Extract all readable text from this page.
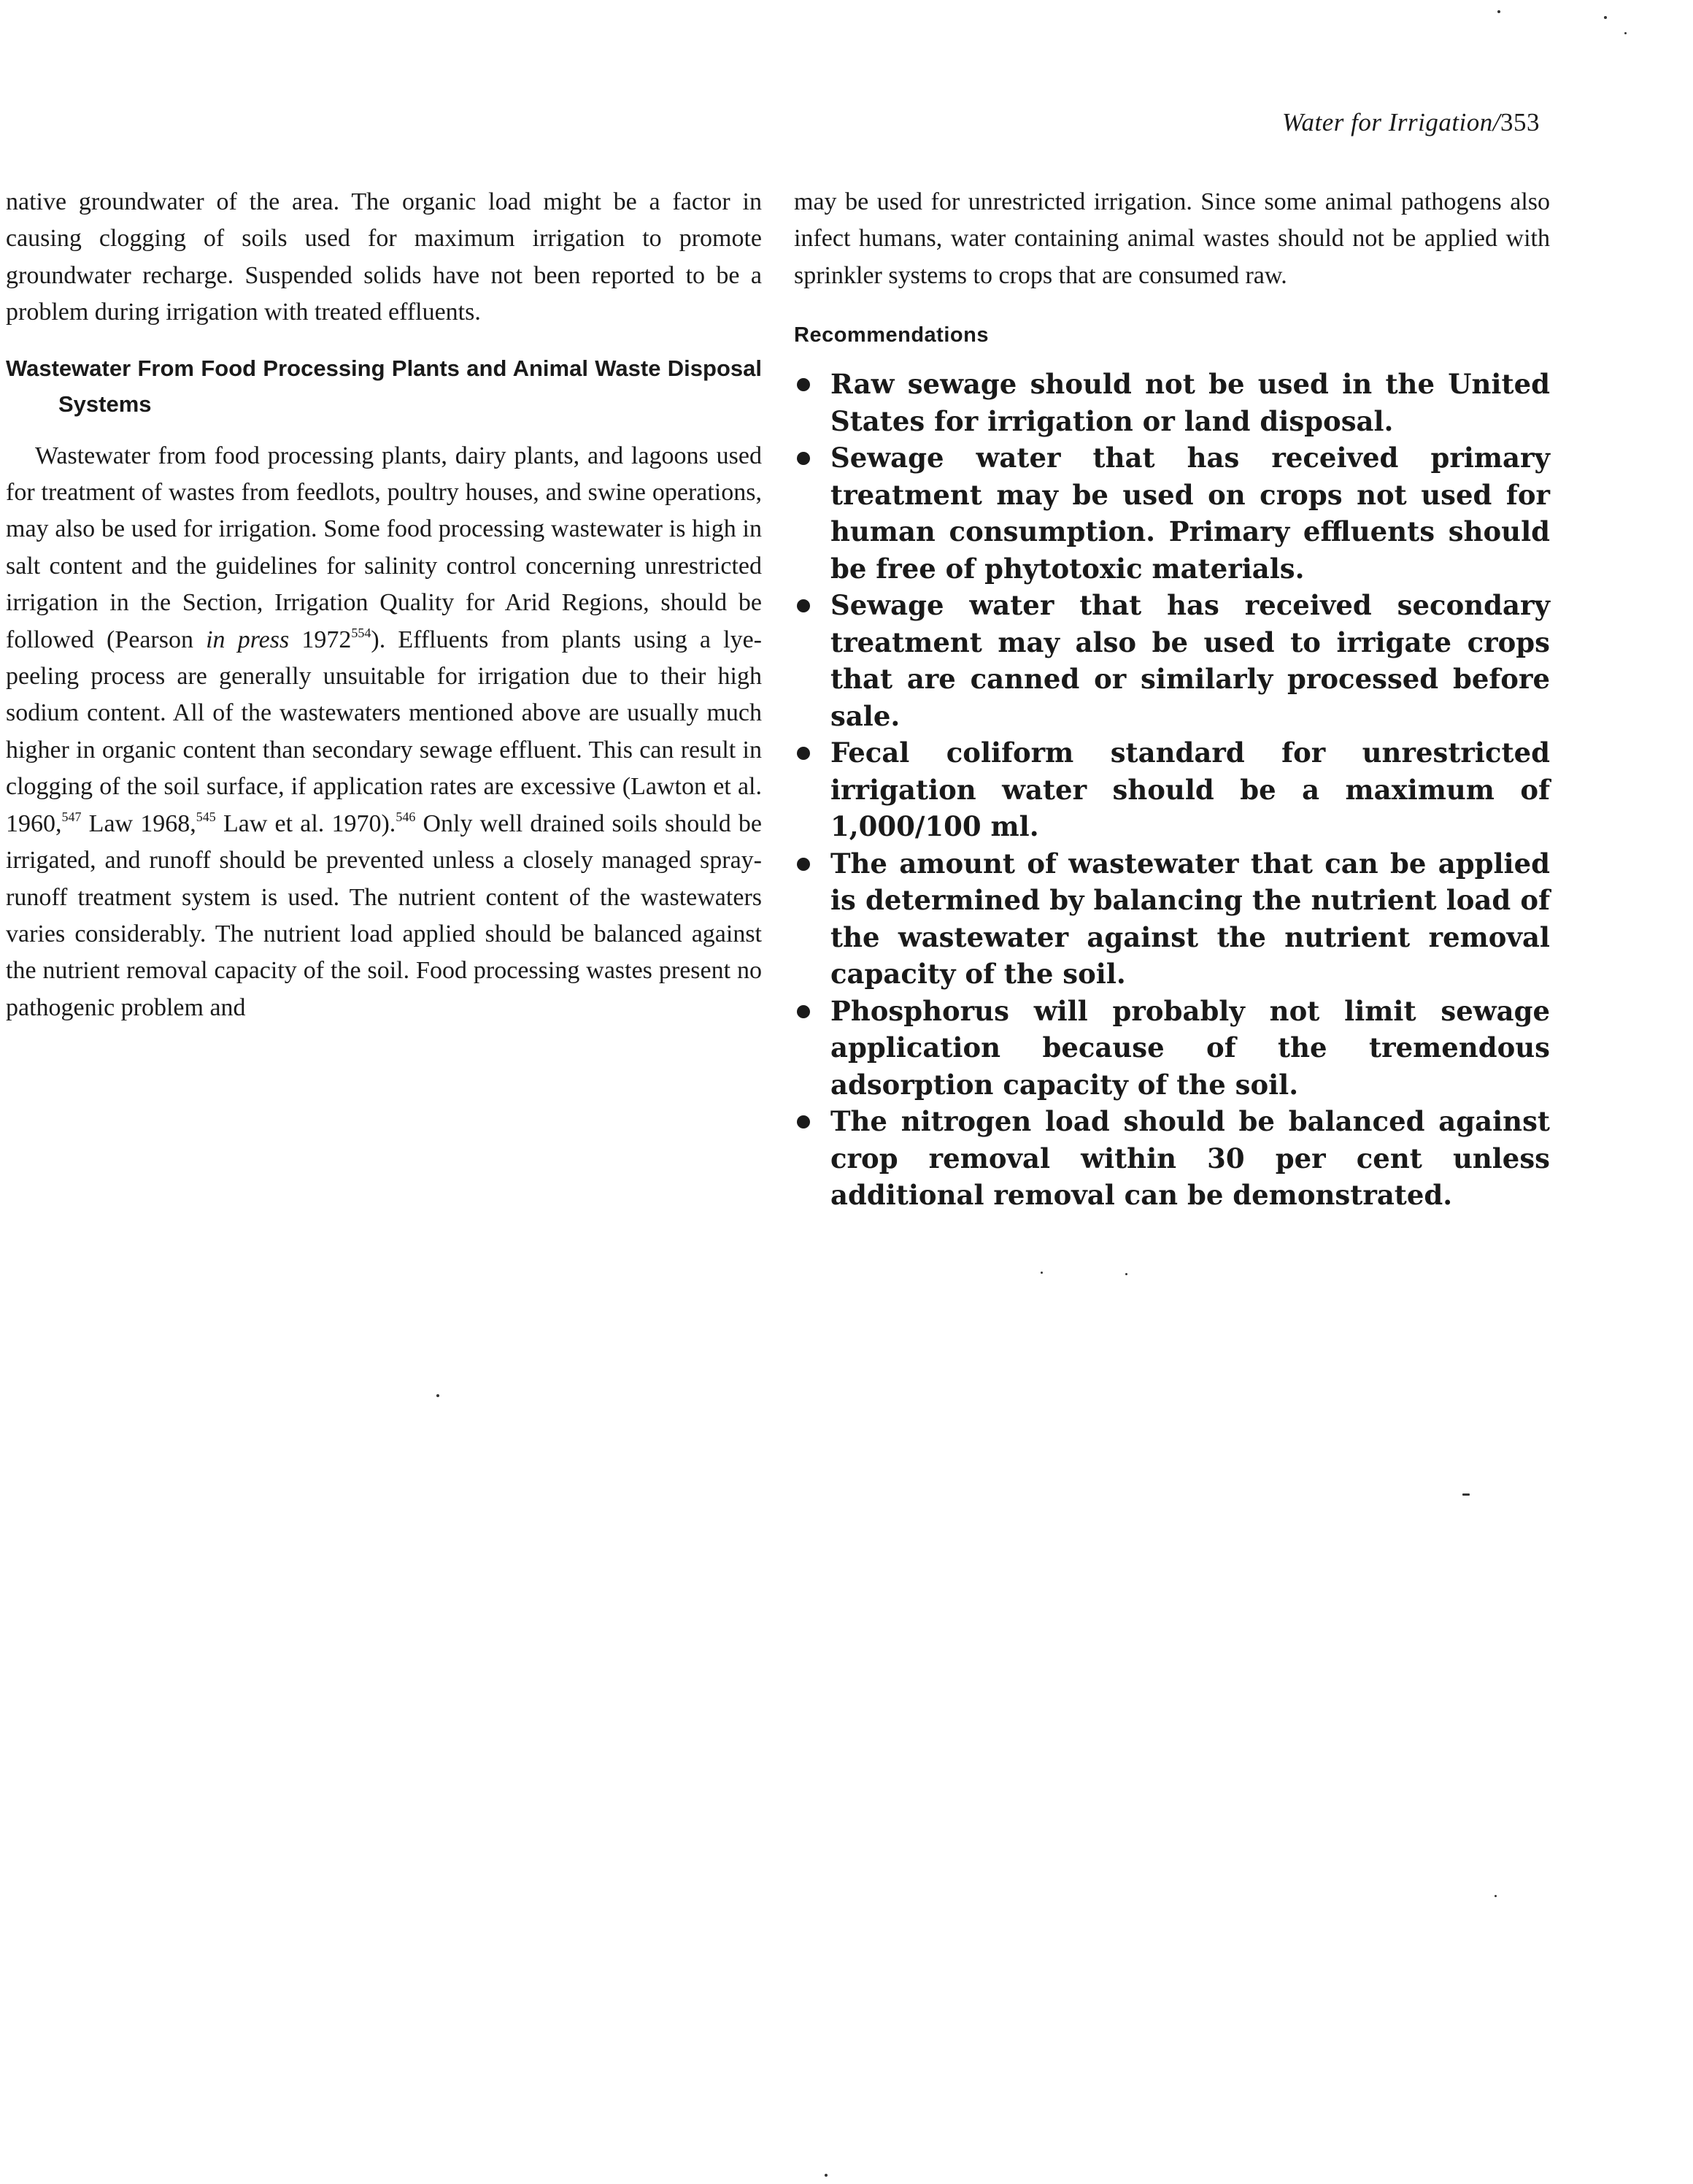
Water for Irrigation/353

native groundwater of the area. The organic load might be a factor in causing clogging of soils used for maximum irrigation to promote groundwater recharge. Suspended solids have not been reported to be a problem during irrigation with treated effluents.

Wastewater From Food Processing Plants and Animal Waste Disposal Systems

Wastewater from food processing plants, dairy plants, and lagoons used for treatment of wastes from feedlots, poultry houses, and swine operations, may also be used for irrigation. Some food processing wastewater is high in salt content and the guidelines for salinity control concerning unrestricted irrigation in the Section, Irrigation Quality for Arid Regions, should be followed (Pearson in press 1972$^{554}$). Effluents from plants using a lye-peeling process are generally unsuitable for irrigation due to their high sodium content. All of the wastewaters mentioned above are usually much higher in organic content than secondary sewage effluent. This can result in clogging of the soil surface, if application rates are excessive (Lawton et al. 1960,$^{547}$ Law 1968,$^{545}$ Law et al. 1970).$^{546}$ Only well drained soils should be irrigated, and runoff should be prevented unless a closely managed spray-runoff treatment system is used. The nutrient content of the wastewaters varies considerably. The nutrient load applied should be balanced against the nutrient removal capacity of the soil. Food processing wastes present no pathogenic problem and

may be used for unrestricted irrigation. Since some animal pathogens also infect humans, water containing animal wastes should not be applied with sprinkler systems to crops that are consumed raw.

Recommendations
Raw sewage should not be used in the United States for irrigation or land disposal.
Sewage water that has received primary treatment may be used on crops not used for human consumption. Primary effluents should be free of phytotoxic materials.
Sewage water that has received secondary treatment may also be used to irrigate crops that are canned or similarly processed before sale.
Fecal coliform standard for unrestricted irrigation water should be a maximum of 1,000/100 ml.
The amount of wastewater that can be applied is determined by balancing the nutrient load of the wastewater against the nutrient removal capacity of the soil.
Phosphorus will probably not limit sewage application because of the tremendous adsorption capacity of the soil.
The nitrogen load should be balanced against crop removal within 30 per cent unless additional removal can be demonstrated.
